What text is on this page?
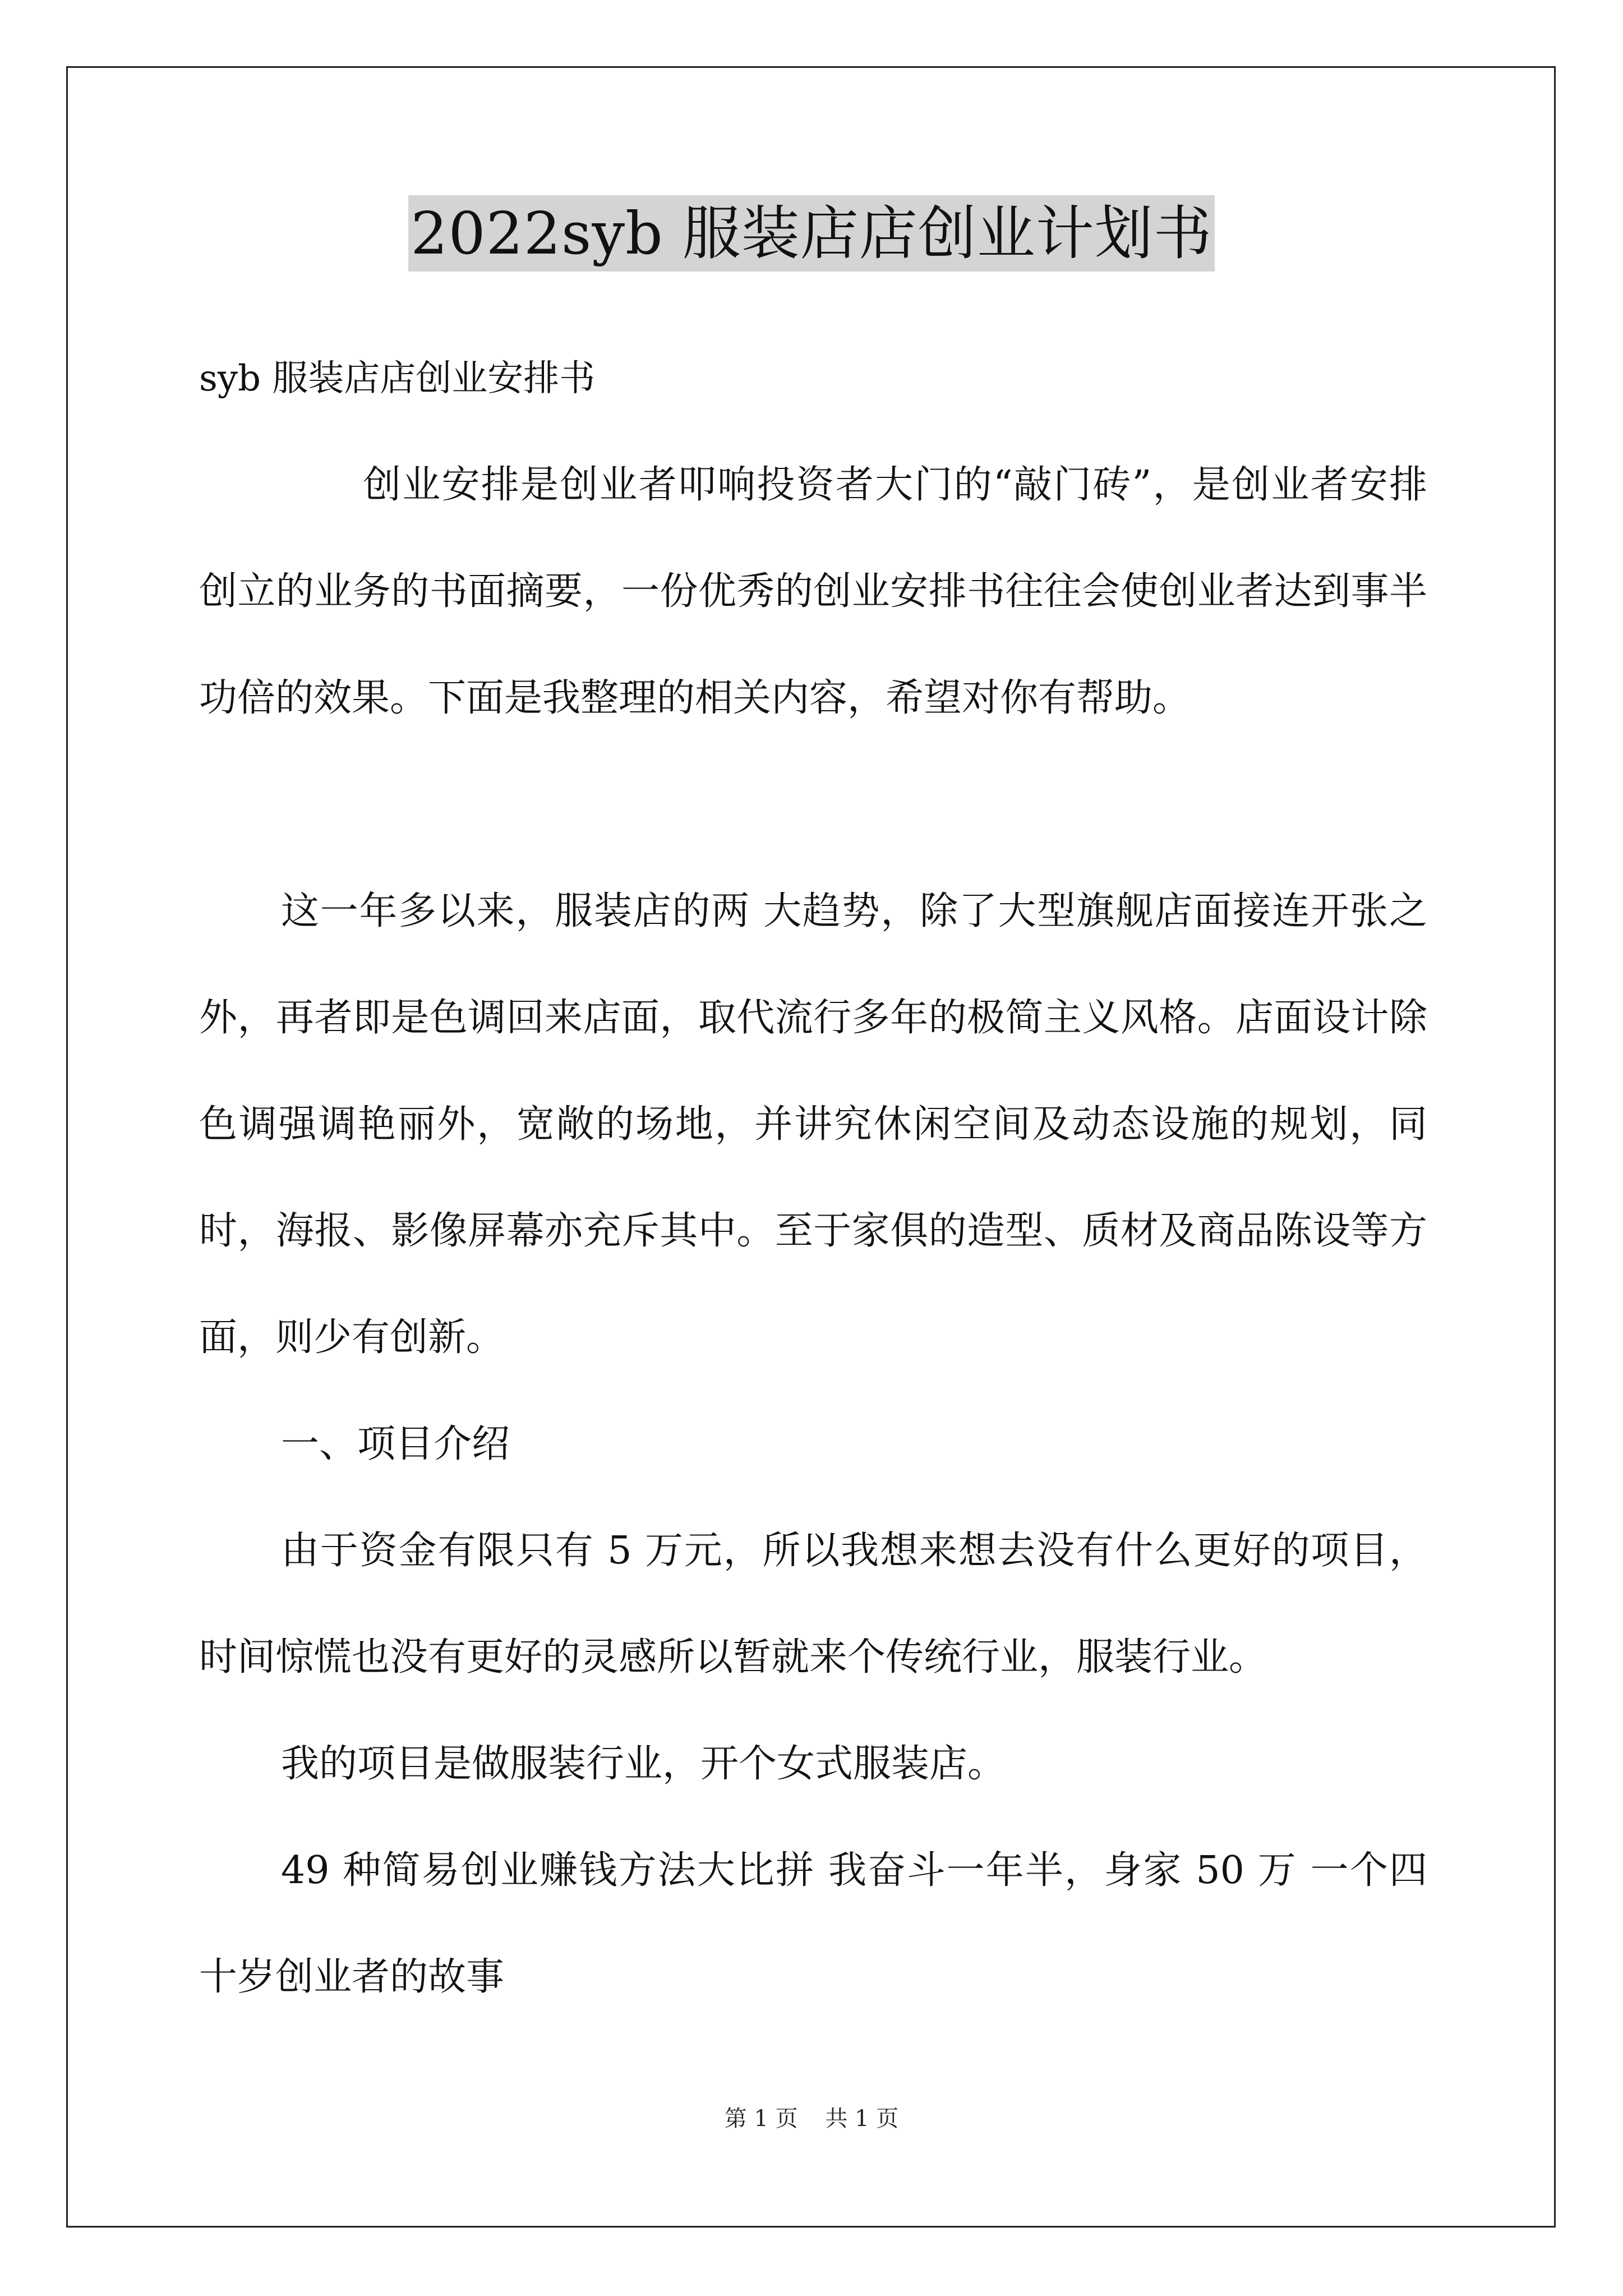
2022syb 服装店店创业计划书

syb 服装店店创业安排书

创业安排是创业者叩响投资者大门的“敲门砖”，是创业者安排创立的业务的书面摘要，一份优秀的创业安排书往往会使创业者达到事半功倍的效果。下面是我整理的相关内容，希望对你有帮助。

这一年多以来，服装店的两 大趋势，除了大型旗舰店面接连开张之外，再者即是色调回来店面，取代流行多年的极简主义风格。店面设计除色调强调艳丽外，宽敞的场地，并讲究休闲空间及动态设施的规划，同时，海报、影像屏幕亦充斥其中。至于家俱的造型、质材及商品陈设等方面，则少有创新。

一、项目介绍

由于资金有限只有 5 万元，所以我想来想去没有什么更好的项目，时间惊慌也没有更好的灵感所以暂就来个传统行业，服装行业。

我的项目是做服装行业，开个女式服装店。

49 种简易创业赚钱方法大比拼 我奋斗一年半，身家 50 万 一个四十岁创业者的故事

第 1 页 共 1 页
